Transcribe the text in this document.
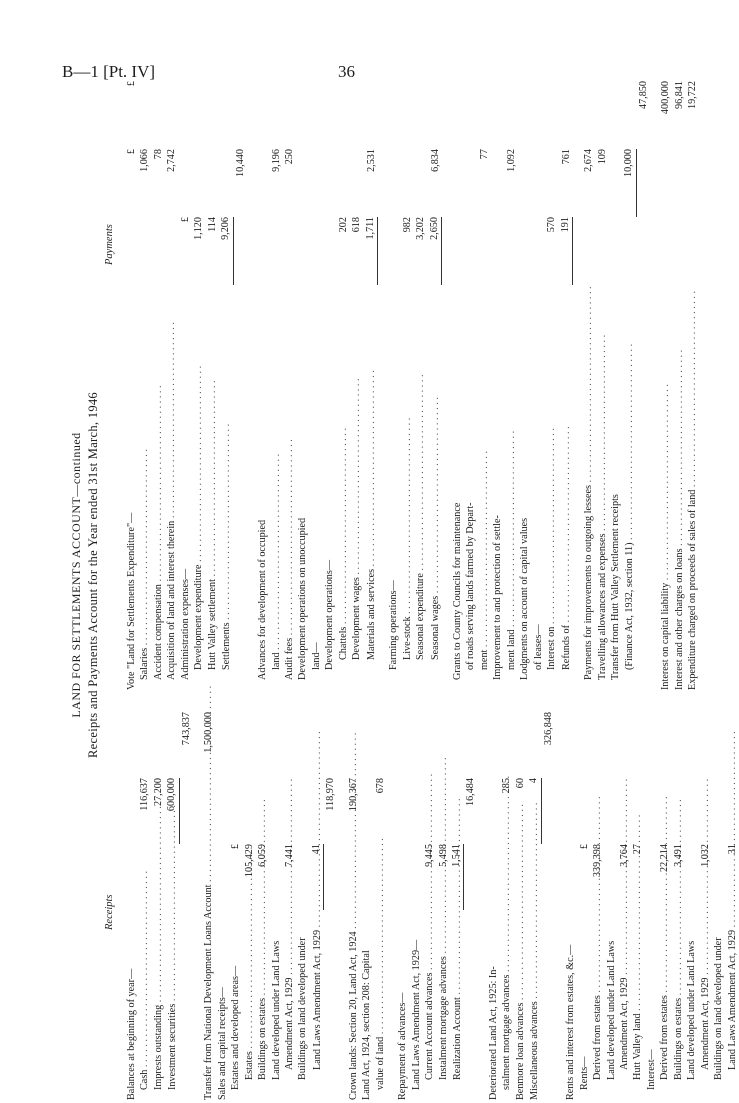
B—1 [Pt. IV]	36
LAND FOR SETTLEMENTS ACCOUNT—continued Receipts and Payments Account for the Year ended 31st March, 1946
Receipts
Payments
Balances at beginning of year— Cash . . .
116,637
Imprests outstanding . . .
27,200
Investment securities . . .
600,000
743,837
Transfer from National Development Loans Account . . .
1,500,000
Sales and capital receipts— Estates and developed areas—
£
Estates . . .
105,429
Buildings on estates . . .
6,059
Land developed under Land Laws Amendment Act, 1929 . . .
7,441
Buildings on land developed under Land Laws Amendment Act, 1929 . . .
41
118,970
Crown lands: Section 20, Land Act, 1924 . . .
190,367
Land Act, 1924, section 208: Capital value of land . . .
678
Repayment of advances— Land Laws Amendment Act, 1929— Current Account advances . . .
9,445
Instalment mortgage advances . . .
5,498
Realization Account . . .
1,541
16,484
Deteriorated Land Act, 1925: In- stalment mortgage advances . . .
285
Benmore loan advances . . .
60
Miscellaneous advances . . .
4
326,848
Rents and interest from estates, &c.— Rents—
£
Derived from estates . . .
339,398
Land developed under Land Laws Amendment Act, 1929 . . .
3,764
Hutt Valley land . . .
27
Interest— Derived from estates . . .
22,214
Buildings on estates . . .
3,491
Land developed under Land Laws Amendment Act, 1929 . . .
1,032
Buildings on land developed under Land Laws Amendment Act, 1929 . . .
31
Vote "Land for Settlements Expenditure"—
£
£
Salaries . . .
1,066
Accident compensation . . .
78
Acquisition of land and interest therein . . .
2,742
Administration expenses—
£
Development expenditure . . .
1,120
Hutt Valley settlement . . .
114
Settlements . . .
9,206
10,440
Advances for development of occupied land . . .
9,196
Audit fees . . .
250
Development operations on unoccupied land— Development operations— Chattels . . .
202
Development wages . . .
618
Materials and services . . .
1,711
2,531
Farming operations— Live-stock . . .
982
Seasonal expenditure . . .
3,202
Seasonal wages . . .
2,650
6,834
Grants to County Councils for maintenance of roads serving lands farmed by Depart- ment . . .
77
Improvement to and protection of settle- ment land . . .
1,092
Lodgments on account of capital values of leases— Interest on . . .
570
Refunds of . . .
191
761
Payments for improvements to outgoing lessees . . .
2,674
Travelling allowances and expenses . . .
109
Transfer from Hutt Valley Settlement receipts (Finance Act, 1932, section 11) . . .
10,000
47,850
Interest on capital liability . . .
400,000
Interest and other charges on loans . . .
96,841
Expenditure charged on proceeds of sales of land . . .
19,722
